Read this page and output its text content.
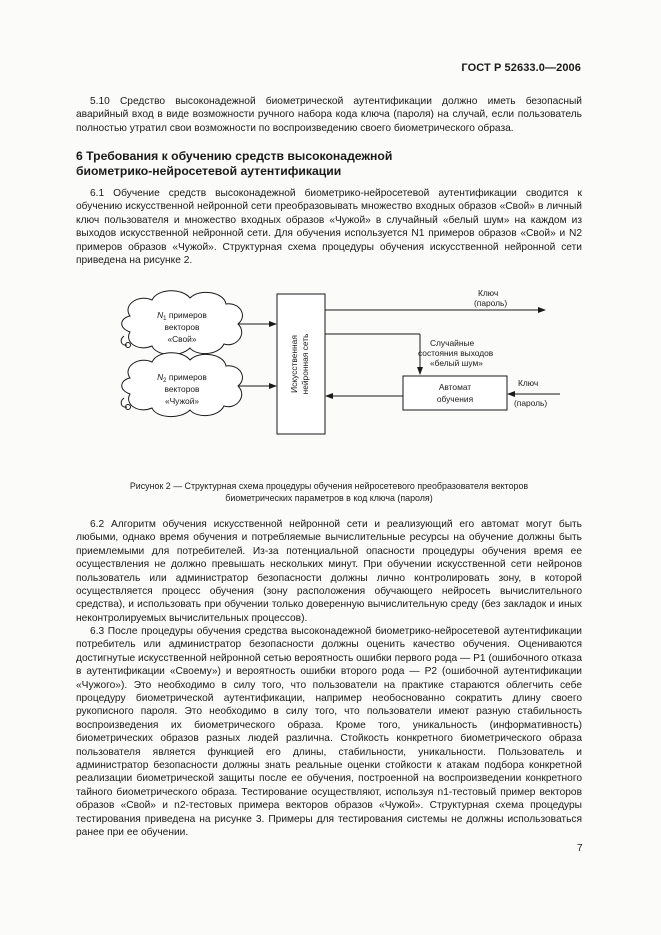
ГОСТ Р 52633.0—2006

5.10 Средство высоконадежной биометрической аутентификации должно иметь безопасный аварийный вход в виде возможности ручного набора кода ключа (пароля) на случай, если пользователь полностью утратил свои возможности по воспроизведению своего биометрического образа.

6 Требования к обучению средств высоконадежной
биометрико-нейросетевой аутентификации

6.1 Обучение средств высоконадежной биометрико-нейросетевой аутентификации сводится к обучению искусственной нейронной сети преобразовывать множество входных образов «Свой» в личный ключ пользователя и множество входных образов «Чужой» в случайный «белый шум» на каждом из выходов искусственной нейронной сети. Для обучения используется N1 примеров образов «Свой» и N2 примеров образов «Чужой». Структурная схема процедуры обучения искусственной нейронной сети приведена на рисунке 2.

$N_1$ примеров
векторов
«Свой»
$N_2$ примеров
векторов
«Чужой»
Искусственная нейронная сеть
Ключ
(пароль)
Случайные
состояния выходов
«белый шум»
Автомат
обучения
Ключ
(пароль)
Рисунок 2 — Структурная схема процедуры обучения нейросетевого преобразователя векторов
биометрических параметров в код ключа (пароля)

6.2 Алгоритм обучения искусственной нейронной сети и реализующий его автомат могут быть любыми, однако время обучения и потребляемые вычислительные ресурсы на обучение должны быть приемлемыми для потребителей. Из-за потенциальной опасности процедуры обучения время ее осуществления не должно превышать нескольких минут. При обучении искусственной сети нейронов пользователь или администратор безопасности должны лично контролировать зону, в которой осуществляется процесс обучения (зону расположения обучающего нейросеть вычислительного средства), и использовать при обучении только доверенную вычислительную среду (без закладок и иных неконтролируемых вычислительных процессов).

6.3 После процедуры обучения средства высоконадежной биометрико-нейросетевой аутентификации потребитель или администратор безопасности должны оценить качество обучения. Оцениваются достигнутые искусственной нейронной сетью вероятность ошибки первого рода — P1 (ошибочного отказа в аутентификации «Своему») и вероятность ошибки второго рода — P2 (ошибочной аутентификации «Чужого»). Это необходимо в силу того, что пользователи на практике стараются облегчить себе процедуру биометрической аутентификации, например необоснованно сократить длину своего рукописного пароля. Это необходимо в силу того, что пользователи имеют разную стабильность воспроизведения их биометрического образа. Кроме того, уникальность (информативность) биометрических образов разных людей различна. Стойкость конкретного биометрического образа пользователя является функцией его длины, стабильности, уникальности. Пользователь и администратор безопасности должны знать реальные оценки стойкости к атакам подбора конкретной реализации биометрической защиты после ее обучения, построенной на воспроизведении конкретного тайного биометрического образа. Тестирование осуществляют, используя n1-тестовый пример векторов образов «Свой» и n2-тестовых примера векторов образов «Чужой». Структурная схема процедуры тестирования приведена на рисунке 3. Примеры для тестирования системы не должны использоваться ранее при ее обучении.

7
